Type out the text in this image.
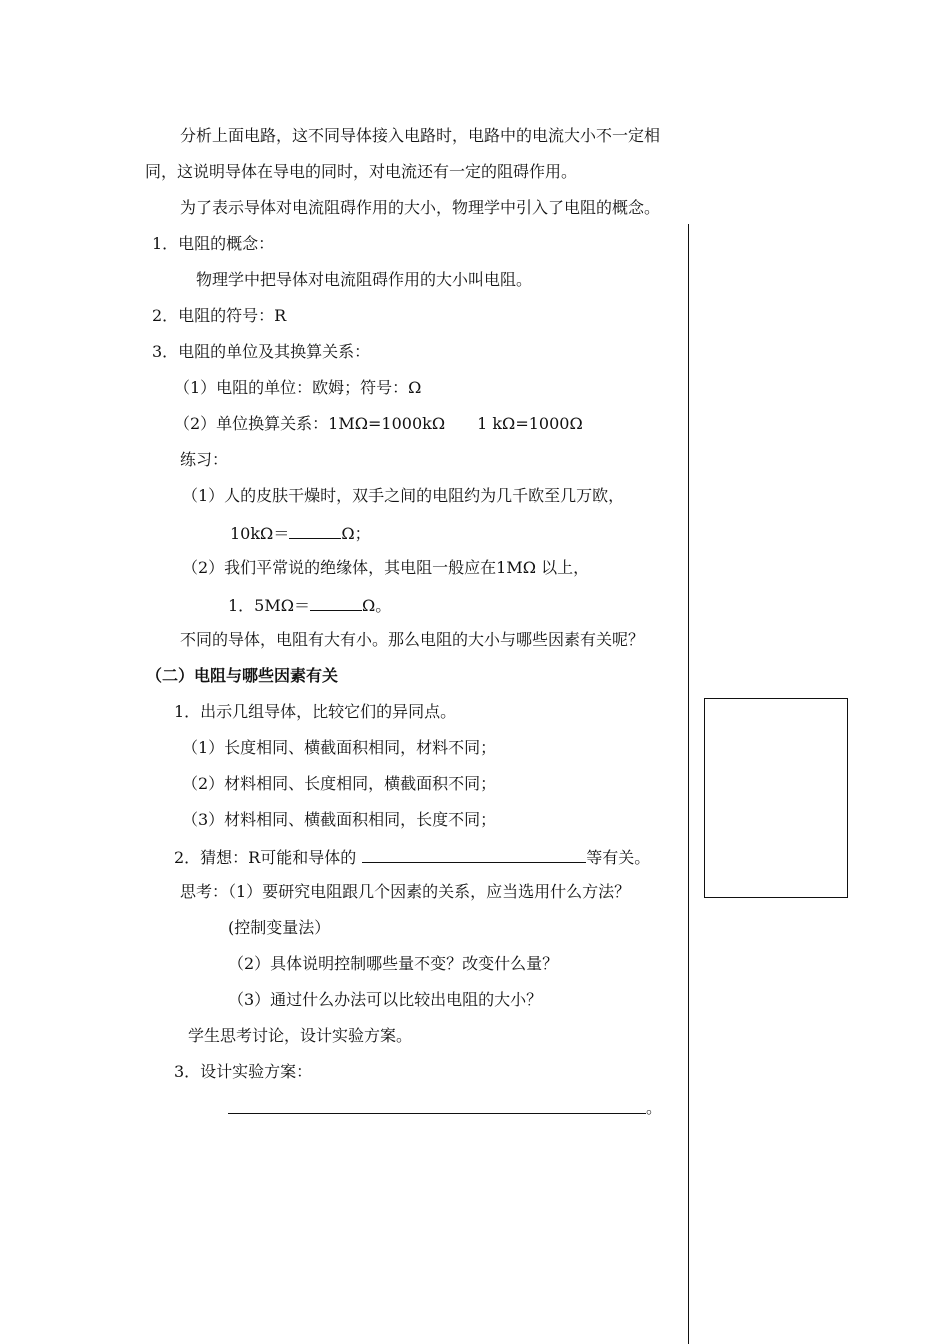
分析上面电路，这不同导体接入电路时，电路中的电流大小不一定相
同，这说明导体在导电的同时，对电流还有一定的阻碍作用。
为了表示导体对电流阻碍作用的大小，物理学中引入了电阻的概念。
1．电阻的概念：
物理学中把导体对电流阻碍作用的大小叫电阻。
2．电阻的符号：R
3．电阻的单位及其换算关系：
（1）电阻的单位：欧姆；符号：Ω
（2）单位换算关系：1MΩ=1000kΩ　　1 kΩ=1000Ω
练习：
（1）人的皮肤干燥时，双手之间的电阻约为几千欧至几万欧，
10kΩ＝	Ω；
（2）我们平常说的绝缘体，其电阻一般应在1MΩ 以上，
1．5MΩ＝	Ω。
不同的导体，电阻有大有小。那么电阻的大小与哪些因素有关呢？
（二）电阻与哪些因素有关
1．出示几组导体，比较它们的异同点。
（1）长度相同、横截面积相同，材料不同；
（2）材料相同、长度相同，横截面积不同；
（3）材料相同、横截面积相同，长度不同；
2．猜想：R可能和导体的	等有关。
思考：（1）要研究电阻跟几个因素的关系，应当选用什么方法？
(控制变量法）
（2）具体说明控制哪些量不变？改变什么量？
（3）通过什么办法可以比较出电阻的大小？
学生思考讨论，设计实验方案。
3．设计实验方案：
。
